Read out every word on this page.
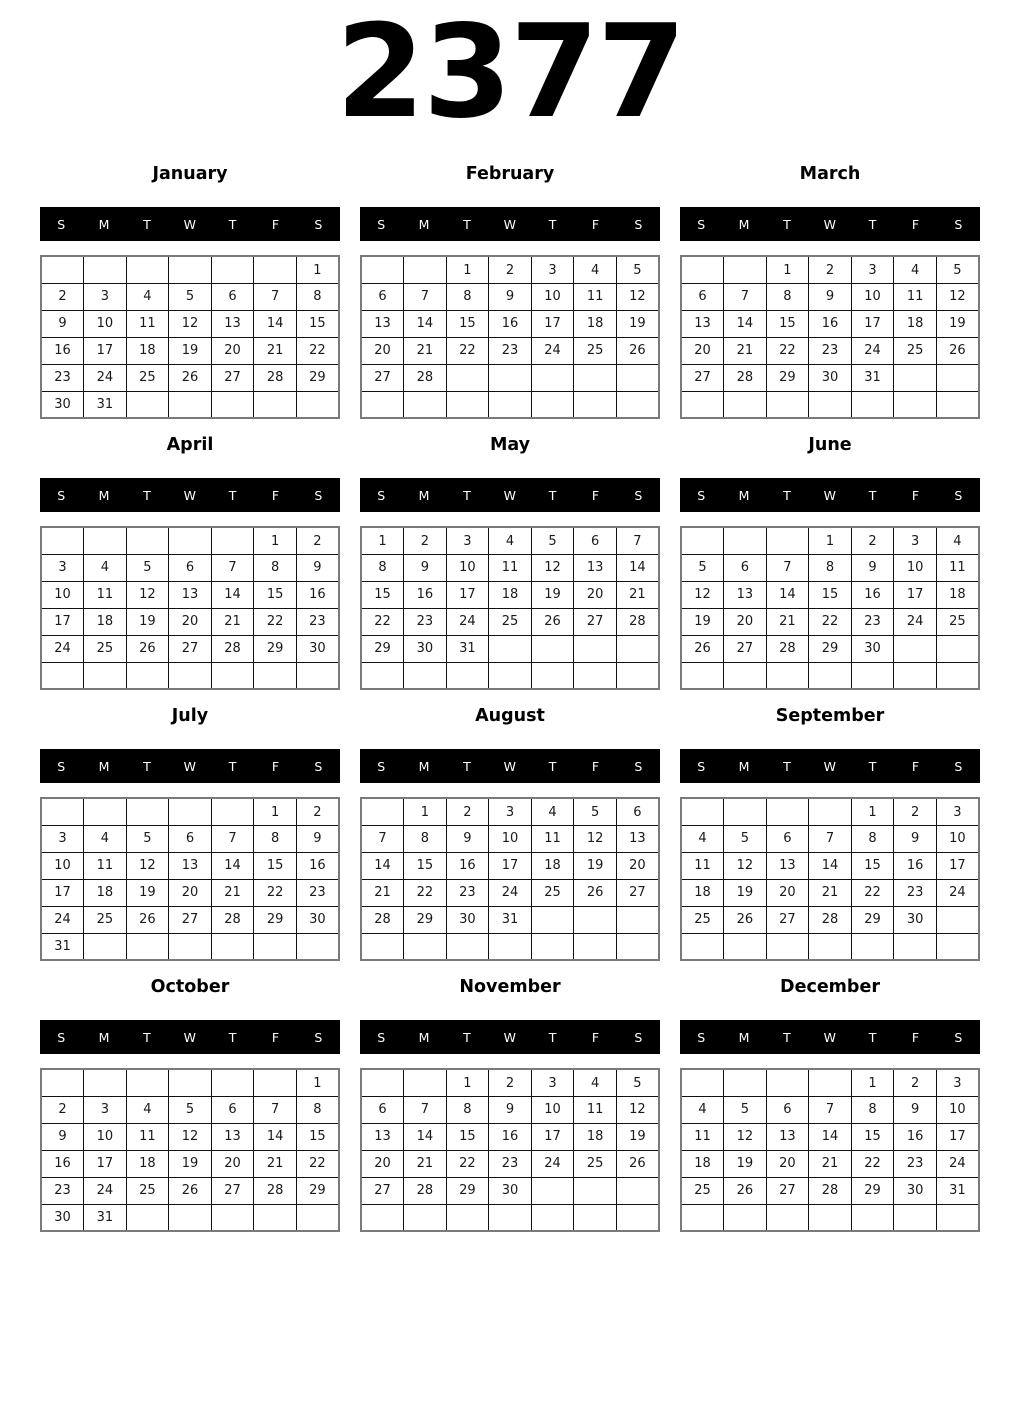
2377
January
S	M	T	W	T	F	S
						1
2	3	4	5	6	7	8
9	10	11	12	13	14	15
16	17	18	19	20	21	22
23	24	25	26	27	28	29
30	31					
February
S	M	T	W	T	F	S
		1	2	3	4	5
6	7	8	9	10	11	12
13	14	15	16	17	18	19
20	21	22	23	24	25	26
27	28					

March
S	M	T	W	T	F	S
		1	2	3	4	5
6	7	8	9	10	11	12
13	14	15	16	17	18	19
20	21	22	23	24	25	26
27	28	29	30	31		

April
S	M	T	W	T	F	S
					1	2
3	4	5	6	7	8	9
10	11	12	13	14	15	16
17	18	19	20	21	22	23
24	25	26	27	28	29	30

May
S	M	T	W	T	F	S
1	2	3	4	5	6	7
8	9	10	11	12	13	14
15	16	17	18	19	20	21
22	23	24	25	26	27	28
29	30	31				

June
S	M	T	W	T	F	S
			1	2	3	4
5	6	7	8	9	10	11
12	13	14	15	16	17	18
19	20	21	22	23	24	25
26	27	28	29	30		

July
S	M	T	W	T	F	S
					1	2
3	4	5	6	7	8	9
10	11	12	13	14	15	16
17	18	19	20	21	22	23
24	25	26	27	28	29	30
31						
August
S	M	T	W	T	F	S
	1	2	3	4	5	6
7	8	9	10	11	12	13
14	15	16	17	18	19	20
21	22	23	24	25	26	27
28	29	30	31			

September
S	M	T	W	T	F	S
				1	2	3
4	5	6	7	8	9	10
11	12	13	14	15	16	17
18	19	20	21	22	23	24
25	26	27	28	29	30	

October
S	M	T	W	T	F	S
						1
2	3	4	5	6	7	8
9	10	11	12	13	14	15
16	17	18	19	20	21	22
23	24	25	26	27	28	29
30	31					
November
S	M	T	W	T	F	S
		1	2	3	4	5
6	7	8	9	10	11	12
13	14	15	16	17	18	19
20	21	22	23	24	25	26
27	28	29	30			

December
S	M	T	W	T	F	S
				1	2	3
4	5	6	7	8	9	10
11	12	13	14	15	16	17
18	19	20	21	22	23	24
25	26	27	28	29	30	31
